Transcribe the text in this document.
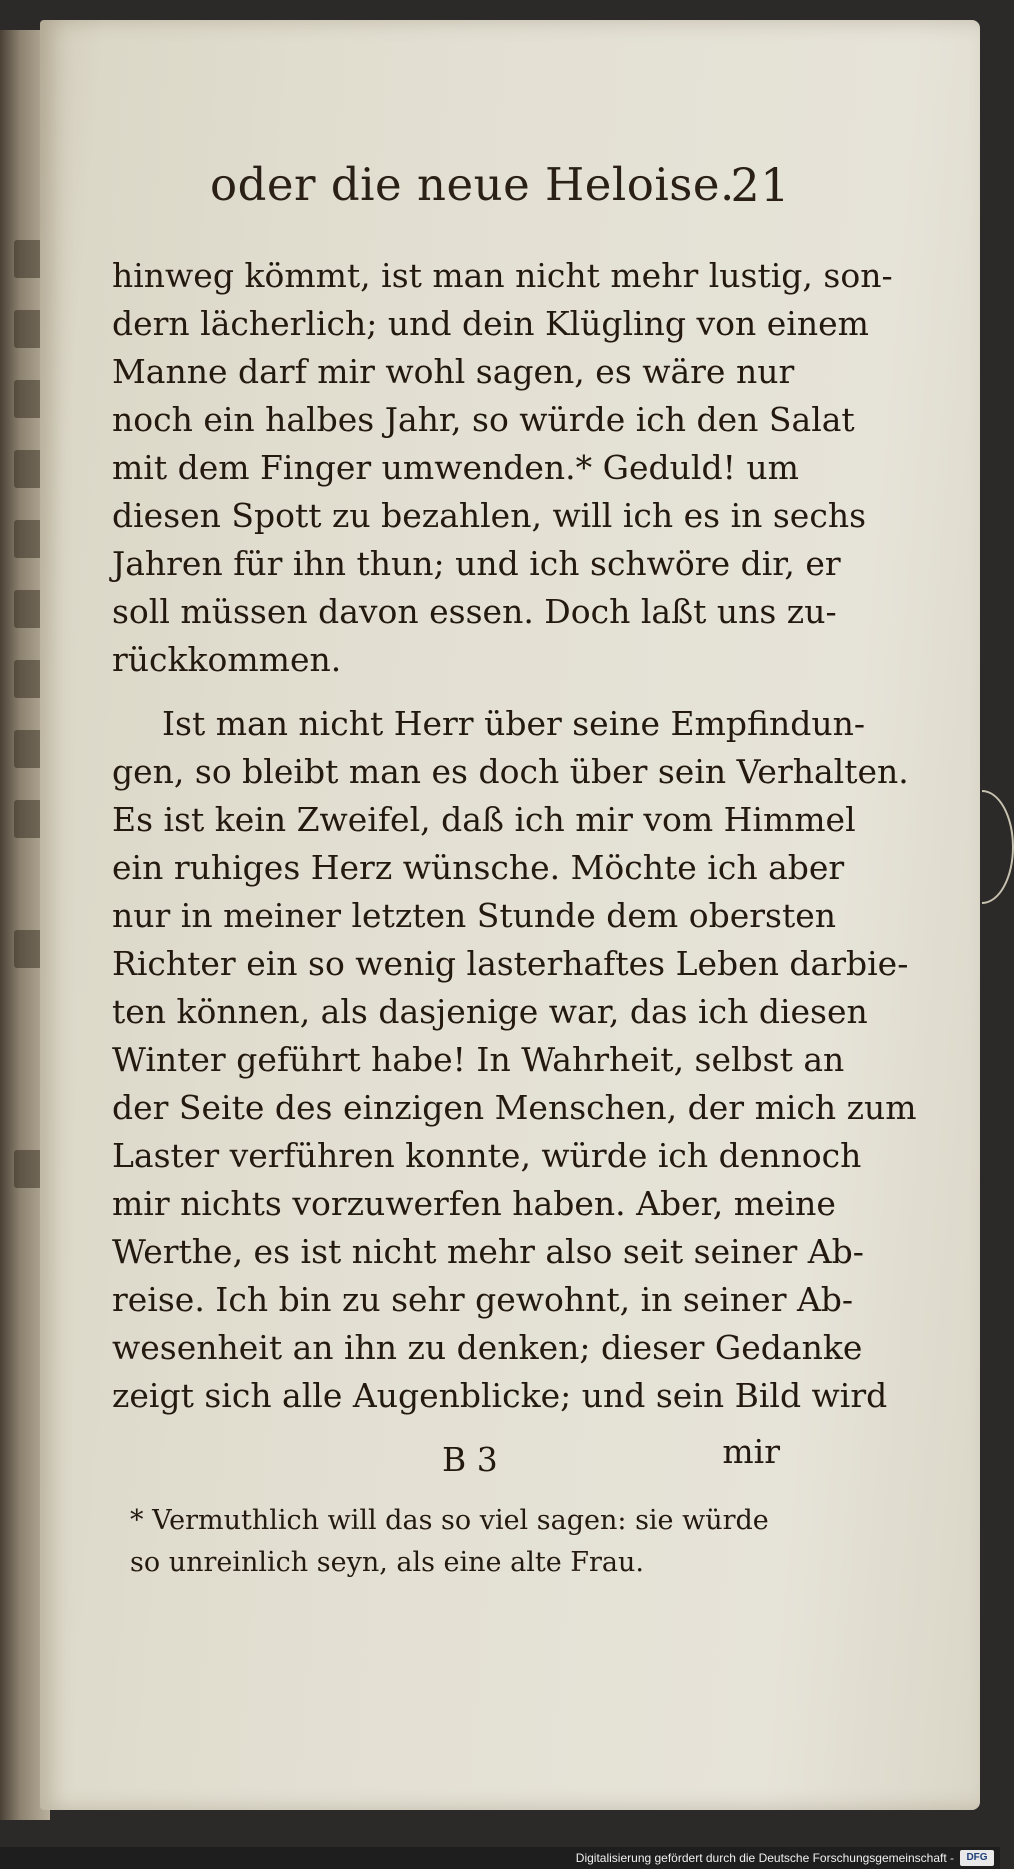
oder die neue Heloise.
21
hinweg kömmt, ist man nicht mehr lustig, son-
dern lächerlich; und dein Klügling von einem
Manne darf mir wohl sagen, es wäre nur
noch ein halbes Jahr, so würde ich den Salat
mit dem Finger umwenden.* Geduld! um
diesen Spott zu bezahlen, will ich es in sechs
Jahren für ihn thun; und ich schwöre dir, er
soll müssen davon essen. Doch laßt uns zu-
rückkommen.
Ist man nicht Herr über seine Empfindun-
gen, so bleibt man es doch über sein Verhalten.
Es ist kein Zweifel, daß ich mir vom Himmel
ein ruhiges Herz wünsche. Möchte ich aber
nur in meiner letzten Stunde dem obersten
Richter ein so wenig lasterhaftes Leben darbie-
ten können, als dasjenige war, das ich diesen
Winter geführt habe! In Wahrheit, selbst an
der Seite des einzigen Menschen, der mich zum
Laster verführen konnte, würde ich dennoch
mir nichts vorzuwerfen haben. Aber, meine
Werthe, es ist nicht mehr also seit seiner Ab-
reise. Ich bin zu sehr gewohnt, in seiner Ab-
wesenheit an ihn zu denken; dieser Gedanke
zeigt sich alle Augenblicke; und sein Bild wird
B 3	mir
* Vermuthlich will das so viel sagen: sie würde
so unreinlich seyn, als eine alte Frau.
Digitalisierung gefördert durch die Deutsche Forschungsgemeinschaft -	DFG
